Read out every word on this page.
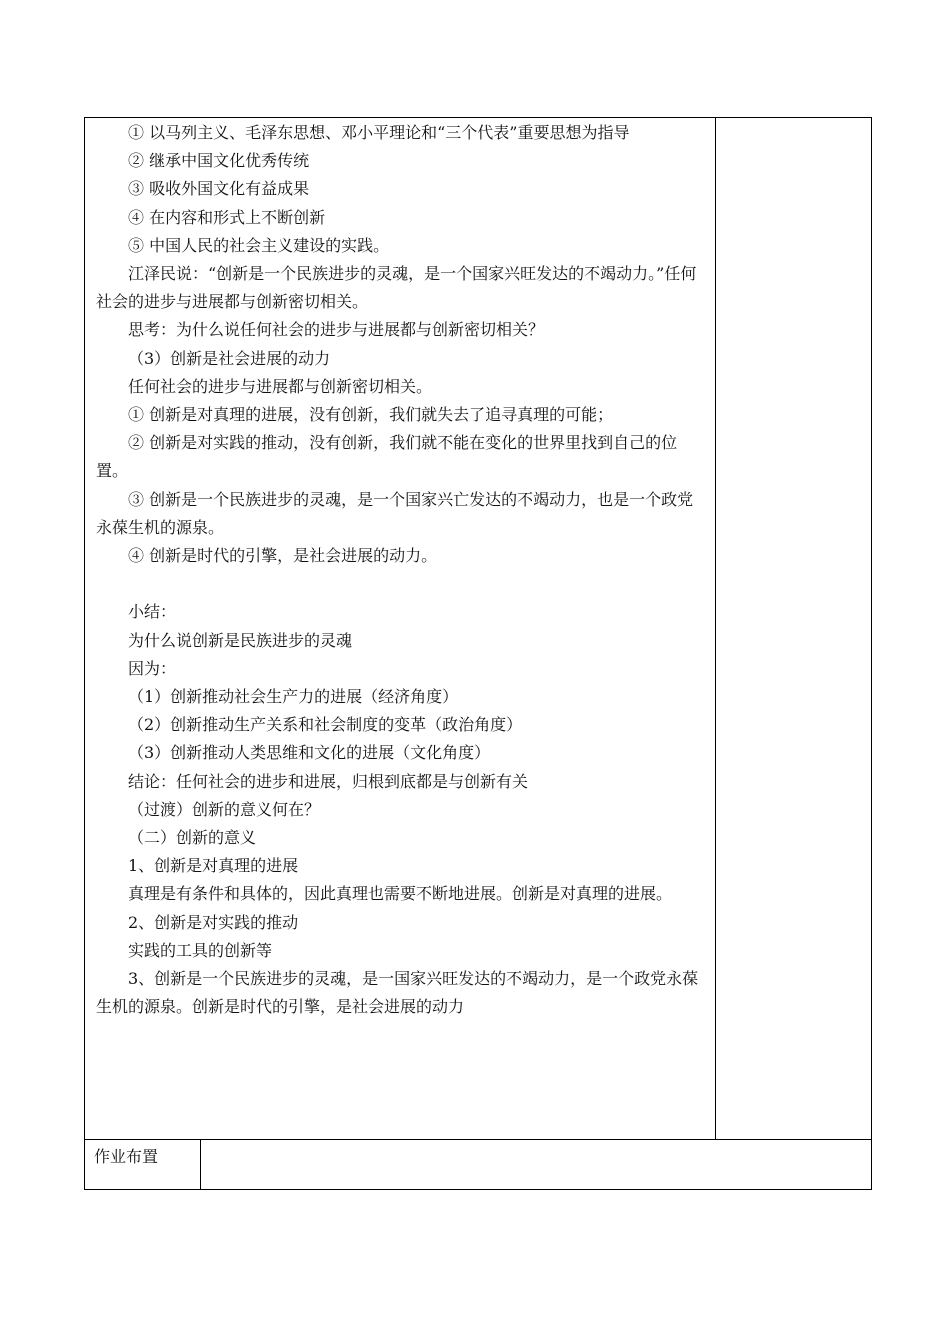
① 以马列主义、毛泽东思想、邓小平理论和“三个代表”重要思想为指导

② 继承中国文化优秀传统

③ 吸收外国文化有益成果

④ 在内容和形式上不断创新

⑤ 中国人民的社会主义建设的实践。

江泽民说：“创新是一个民族进步的灵魂，是一个国家兴旺发达的不竭动力。”任何社会的进步与进展都与创新密切相关。

思考：为什么说任何社会的进步与进展都与创新密切相关？

（3）创新是社会进展的动力

任何社会的进步与进展都与创新密切相关。

① 创新是对真理的进展，没有创新，我们就失去了追寻真理的可能；

② 创新是对实践的推动，没有创新，我们就不能在变化的世界里找到自己的位置。

③ 创新是一个民族进步的灵魂，是一个国家兴亡发达的不竭动力，也是一个政党永葆生机的源泉。

④ 创新是时代的引擎，是社会进展的动力。

小结：

为什么说创新是民族进步的灵魂

因为：

（1）创新推动社会生产力的进展（经济角度）

（2）创新推动生产关系和社会制度的变革（政治角度）

（3）创新推动人类思维和文化的进展（文化角度）

结论：任何社会的进步和进展，归根到底都是与创新有关

（过渡）创新的意义何在？

（二）创新的意义

1、创新是对真理的进展

真理是有条件和具体的，因此真理也需要不断地进展。创新是对真理的进展。

2、创新是对实践的推动

实践的工具的创新等

3、创新是一个民族进步的灵魂，是一国家兴旺发达的不竭动力，是一个政党永葆生机的源泉。创新是时代的引擎，是社会进展的动力

作业布置
